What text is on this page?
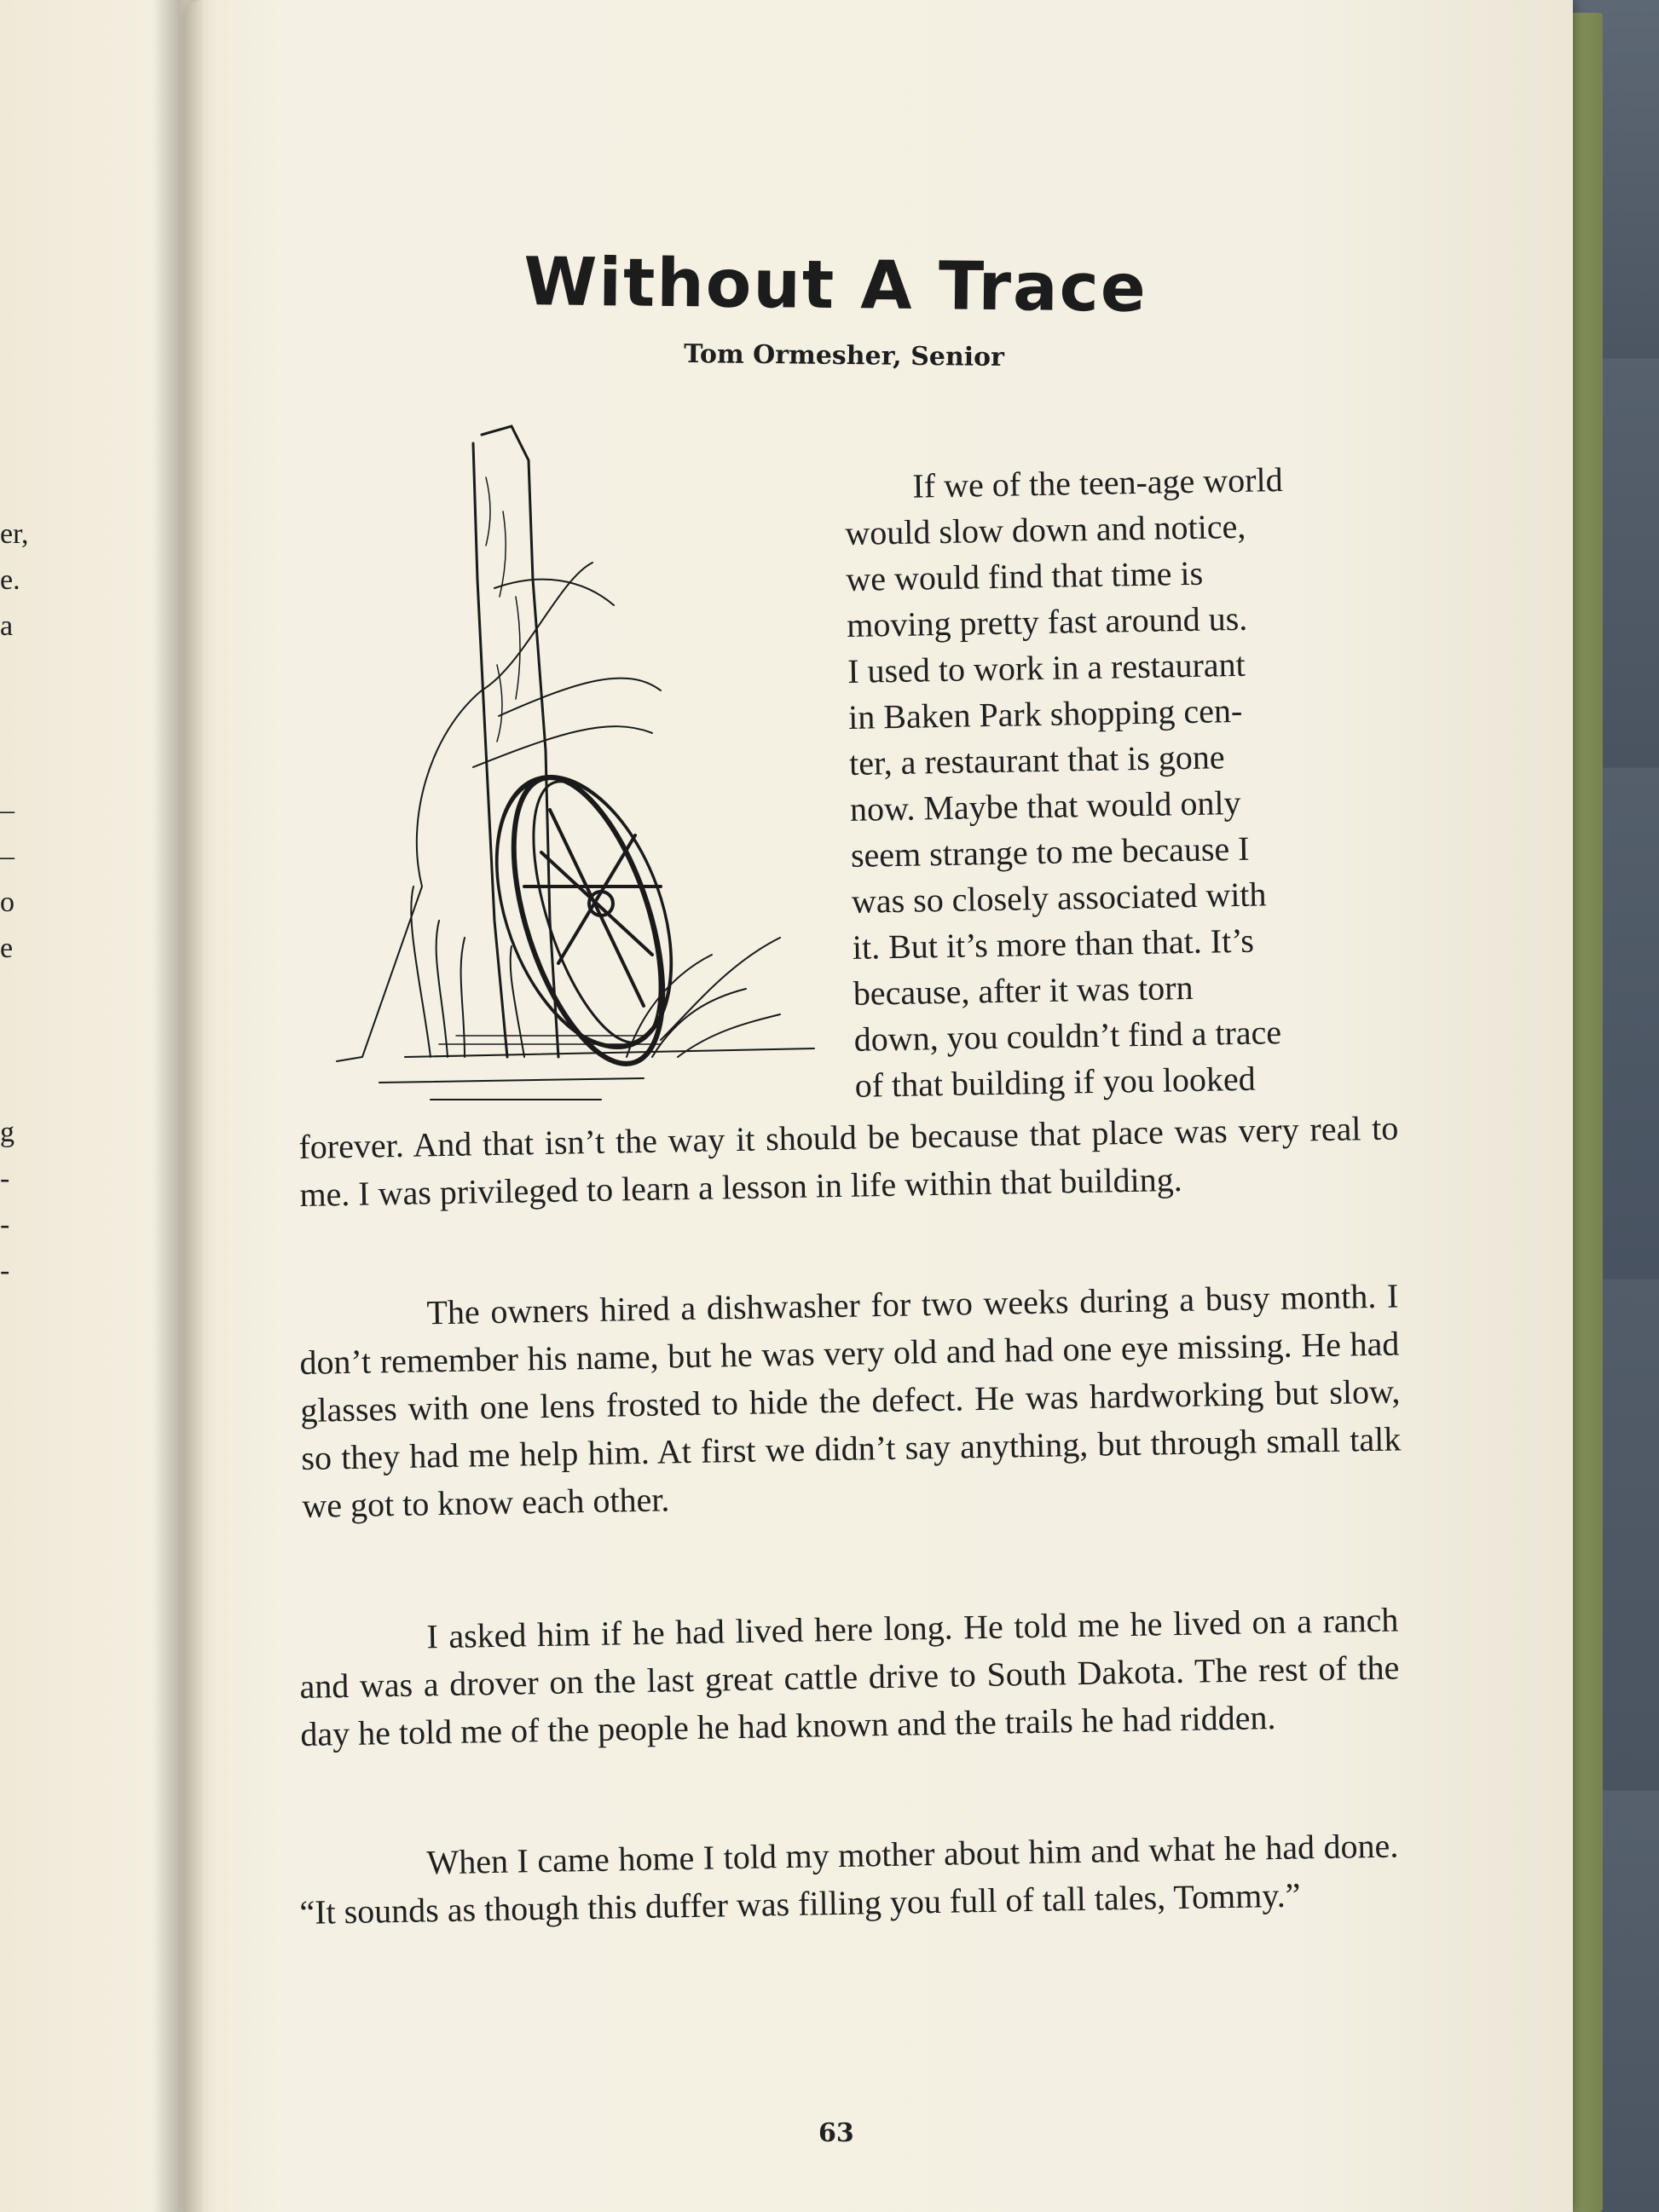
er,
e.
a
–
–
o
e
g
-
-
-
Without A Trace
Tom Ormesher, Senior

If we of the teen-age world

would slow down and notice,
we would find that time is
moving pretty fast around us.
I used to work in a restaurant
in Baken Park shopping cen-
ter, a restaurant that is gone
now. Maybe that would only
seem strange to me because I
was so closely associated with
it. But it’s more than that. It’s
because, after it was torn
down, you couldn’t find a trace
of that building if you looked

forever. And that isn’t the way it should be because that place was very real to me. I was privileged to learn a lesson in life within that building.

The owners hired a dishwasher for two weeks during a busy month. I don’t remember his name, but he was very old and had one eye missing. He had glasses with one lens frosted to hide the defect. He was hardworking but slow, so they had me help him. At first we didn’t say anything, but through small talk we got to know each other.

I asked him if he had lived here long. He told me he lived on a ranch and was a drover on the last great cattle drive to South Dakota. The rest of the day he told me of the people he had known and the trails he had ridden.

When I came home I told my mother about him and what he had done. “It sounds as though this duffer was filling you full of tall tales, Tommy.”

63
